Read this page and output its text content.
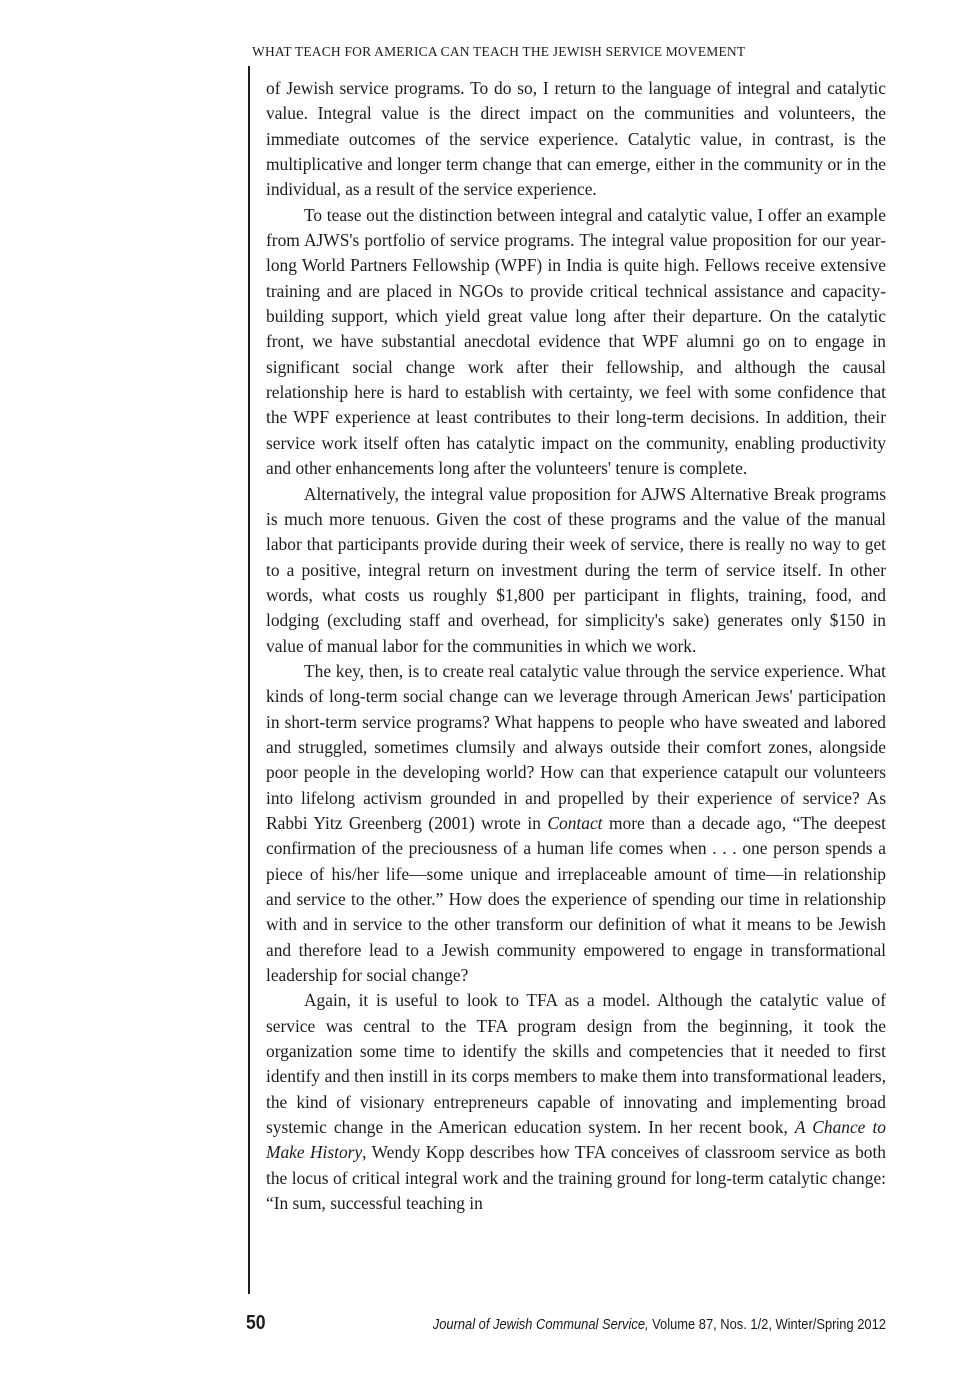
WHAT TEACH FOR AMERICA CAN TEACH THE JEWISH SERVICE MOVEMENT

of Jewish service programs. To do so, I return to the language of integral and catalytic value. Integral value is the direct impact on the communities and volunteers, the immediate outcomes of the service experience. Catalytic value, in contrast, is the multiplicative and longer term change that can emerge, either in the community or in the individual, as a result of the service experience.

To tease out the distinction between integral and catalytic value, I offer an example from AJWS's portfolio of service programs. The integral value proposition for our year-long World Partners Fellowship (WPF) in India is quite high. Fellows receive extensive training and are placed in NGOs to provide critical technical assistance and capacity-building support, which yield great value long after their departure. On the catalytic front, we have substantial anecdotal evidence that WPF alumni go on to engage in significant social change work after their fellowship, and although the causal relationship here is hard to establish with certainty, we feel with some confidence that the WPF experience at least contributes to their long-term decisions. In addition, their service work itself often has catalytic impact on the community, enabling productivity and other enhancements long after the volunteers' tenure is complete.

Alternatively, the integral value proposition for AJWS Alternative Break programs is much more tenuous. Given the cost of these programs and the value of the manual labor that participants provide during their week of service, there is really no way to get to a positive, integral return on investment during the term of service itself. In other words, what costs us roughly $1,800 per participant in flights, training, food, and lodging (excluding staff and overhead, for simplicity's sake) generates only $150 in value of manual labor for the communities in which we work.

The key, then, is to create real catalytic value through the service experience. What kinds of long-term social change can we leverage through American Jews' participation in short-term service programs? What happens to people who have sweated and labored and struggled, sometimes clumsily and always outside their comfort zones, alongside poor people in the developing world? How can that experience catapult our volunteers into lifelong activism grounded in and propelled by their experience of service? As Rabbi Yitz Greenberg (2001) wrote in Contact more than a decade ago, “The deepest confirmation of the preciousness of a human life comes when . . . one person spends a piece of his/her life—some unique and irreplaceable amount of time—in relationship and service to the other.” How does the experience of spending our time in relationship with and in service to the other transform our definition of what it means to be Jewish and therefore lead to a Jewish community empowered to engage in transformational leadership for social change?

Again, it is useful to look to TFA as a model. Although the catalytic value of service was central to the TFA program design from the beginning, it took the organization some time to identify the skills and competencies that it needed to first identify and then instill in its corps members to make them into transformational leaders, the kind of visionary entrepreneurs capable of innovating and implementing broad systemic change in the American education system. In her recent book, A Chance to Make History, Wendy Kopp describes how TFA conceives of classroom service as both the locus of critical integral work and the training ground for long-term catalytic change: “In sum, successful teaching in

50	Journal of Jewish Communal Service, Volume 87, Nos. 1/2, Winter/Spring 2012
